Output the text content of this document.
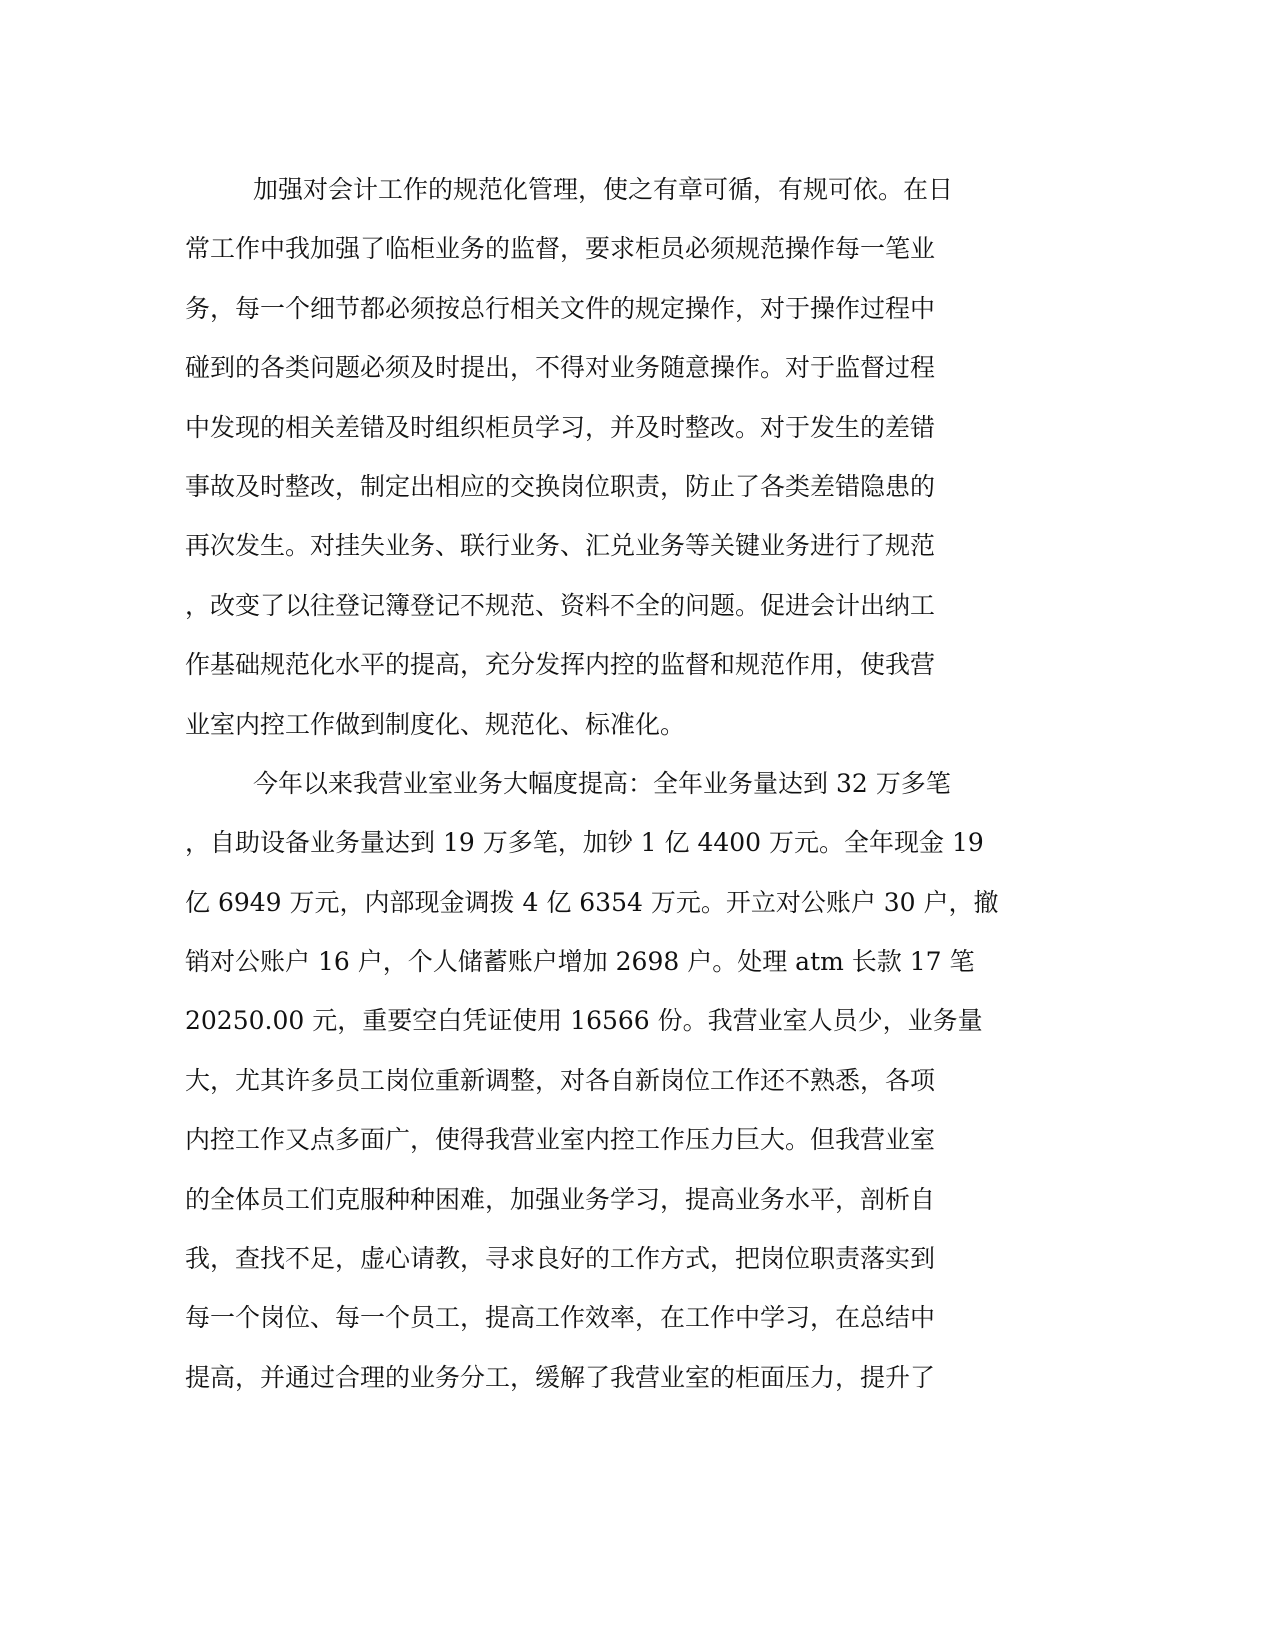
加强对会计工作的规范化管理，使之有章可循，有规可依。在日
常工作中我加强了临柜业务的监督，要求柜员必须规范操作每一笔业
务，每一个细节都必须按总行相关文件的规定操作，对于操作过程中
碰到的各类问题必须及时提出，不得对业务随意操作。对于监督过程
中发现的相关差错及时组织柜员学习，并及时整改。对于发生的差错
事故及时整改，制定出相应的交换岗位职责，防止了各类差错隐患的
再次发生。对挂失业务、联行业务、汇兑业务等关键业务进行了规范
，改变了以往登记簿登记不规范、资料不全的问题。促进会计出纳工
作基础规范化水平的提高，充分发挥内控的监督和规范作用，使我营
业室内控工作做到制度化、规范化、标准化。
今年以来我营业室业务大幅度提高：全年业务量达到 32 万多笔
，自助设备业务量达到 19 万多笔，加钞 1 亿 4400 万元。全年现金 19
亿 6949 万元，内部现金调拨 4 亿 6354 万元。开立对公账户 30 户，撤
销对公账户 16 户，个人储蓄账户增加 2698 户。处理 atm 长款 17 笔
20250.00 元，重要空白凭证使用 16566 份。我营业室人员少，业务量
大，尤其许多员工岗位重新调整，对各自新岗位工作还不熟悉，各项
内控工作又点多面广，使得我营业室内控工作压力巨大。但我营业室
的全体员工们克服种种困难，加强业务学习，提高业务水平，剖析自
我，查找不足，虚心请教，寻求良好的工作方式，把岗位职责落实到
每一个岗位、每一个员工，提高工作效率，在工作中学习，在总结中
提高，并通过合理的业务分工，缓解了我营业室的柜面压力，提升了
